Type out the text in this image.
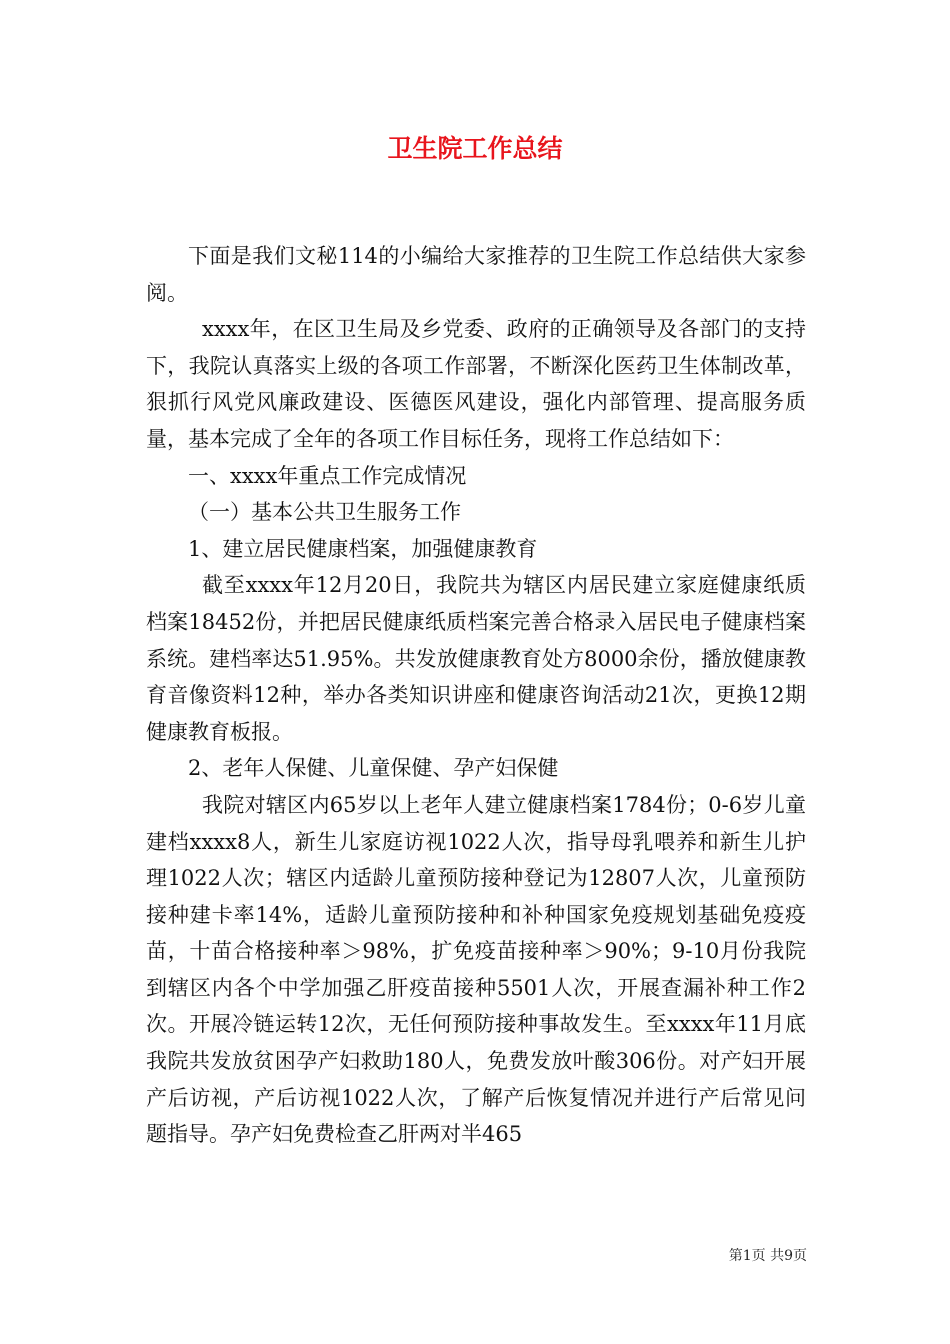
卫生院工作总结

下面是我们文秘114的小编给大家推荐的卫生院工作总结供大家参阅。

xxxx年，在区卫生局及乡党委、政府的正确领导及各部门的支持下，我院认真落实上级的各项工作部署，不断深化医药卫生体制改革，狠抓行风党风廉政建设、医德医风建设，强化内部管理、提高服务质量，基本完成了全年的各项工作目标任务，现将工作总结如下：

一、xxxx年重点工作完成情况

（一）基本公共卫生服务工作

1、建立居民健康档案，加强健康教育

截至xxxx年12月20日，我院共为辖区内居民建立家庭健康纸质档案18452份，并把居民健康纸质档案完善合格录入居民电子健康档案系统。建档率达51.95%。共发放健康教育处方8000余份，播放健康教育音像资料12种，举办各类知识讲座和健康咨询活动21次，更换12期健康教育板报。

2、老年人保健、儿童保健、孕产妇保健

我院对辖区内65岁以上老年人建立健康档案1784份；0-6岁儿童建档xxxx8人，新生儿家庭访视1022人次，指导母乳喂养和新生儿护理1022人次；辖区内适龄儿童预防接种登记为12807人次，儿童预防接种建卡率14%，适龄儿童预防接种和补种国家免疫规划基础免疫疫苗，十苗合格接种率＞98%，扩免疫苗接种率＞90%；9-10月份我院到辖区内各个中学加强乙肝疫苗接种5501人次，开展查漏补种工作2次。开展冷链运转12次，无任何预防接种事故发生。至xxxx年11月底我院共发放贫困孕产妇救助180人，免费发放叶酸306份。对产妇开展产后访视，产后访视1022人次，了解产后恢复情况并进行产后常见问题指导。孕产妇免费检查乙肝两对半465

第1页 共9页
